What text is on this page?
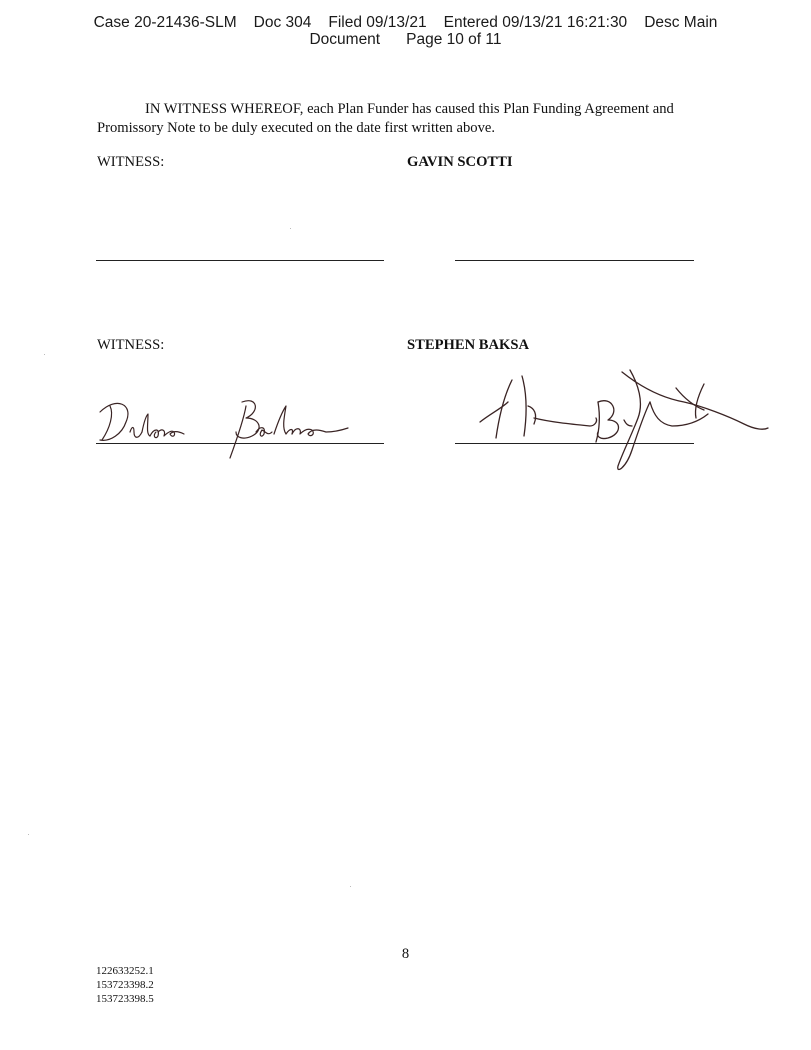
Case 20-21436-SLM Doc 304 Filed 09/13/21 Entered 09/13/21 16:21:30 Desc Main
Document Page 10 of 11

IN WITNESS WHEREOF, each Plan Funder has caused this Plan Funding Agreement and Promissory Note to be duly executed on the date first written above.

WITNESS:	GAVIN SCOTTI
WITNESS:	STEPHEN BAKSA
8
122633252.1
153723398.2
153723398.5
